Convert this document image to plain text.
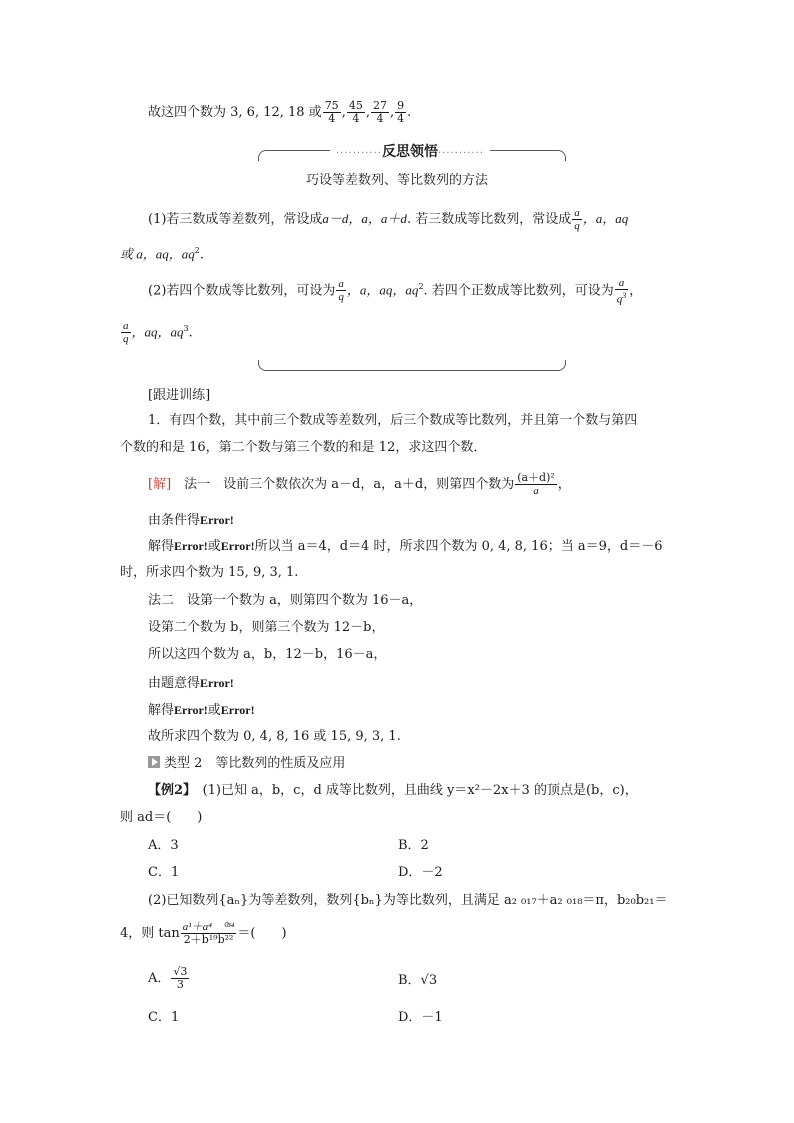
故这四个数为 3, 6, 12, 18 或 $\frac{75}{4}$ , $\frac{45}{4}$ , $\frac{27}{4}$ , $\frac{9}{4}$ .
···········反思领悟···········
巧设等差数列、等比数列的方法
(1)若三数成等差数列，常设成a－d，a，a＋d. 若三数成等比数列，常设成 $\frac{a}{q}$ ，a，aq
或 a，aq，$aq^2$.
(2)若四个数成等比数列，可设为 $\frac{a}{q}$ ，a，aq，$aq^2$. 若四个正数成等比数列，可设为 $\frac{a}{q^3}$ ，
$\frac{a}{q}$ ，aq，$aq^3$.
[跟进训练]
1．有四个数，其中前三个数成等差数列，后三个数成等比数列，并且第一个数与第四
个数的和是 16，第二个数与第三个数的和是 12，求这四个数．
[解]　 法一　设前三个数依次为 a－d，a，a＋d，则第四个数为 $\frac{\text{(a＋d)²}}{a}$ ，
由条件得Error!
解得Error!或Error!所以当 a＝4，d＝4 时，所求四个数为 0, 4, 8, 16；当 a＝9，d＝－6
时，所求四个数为 15, 9, 3, 1.
法二　设第一个数为 a，则第四个数为 16－a，
设第二个数为 b，则第三个数为 12－b，
所以这四个数为 a，b，12－b，16－a，
由题意得Error!
解得Error!或Error!
故所求四个数为 0, 4, 8, 16 或 15, 9, 3, 1.
类型 2　等比数列的性质及应用
【例2】　 (1)已知 a，b，c，d 成等比数列，且曲线 y＝x²－2x＋3 的顶点是(b，c)，
则 ad＝(　　)
A．3	B．2
C．1	D．－2
(2)已知数列{aₙ}为等差数列，数列{bₙ}为等比数列，且满足 a₂ ₀₁₇＋a₂ ₀₁₈＝π，b₂₀b₂₁＝
4，则 $\tan \frac{\text{a¹＋a⁴　⁰³⁴}}{\text{2＋b¹⁹b²²}}$ ＝(　　)
A． $\frac{√3}{3}$	B．√3
C．1	D．－1
